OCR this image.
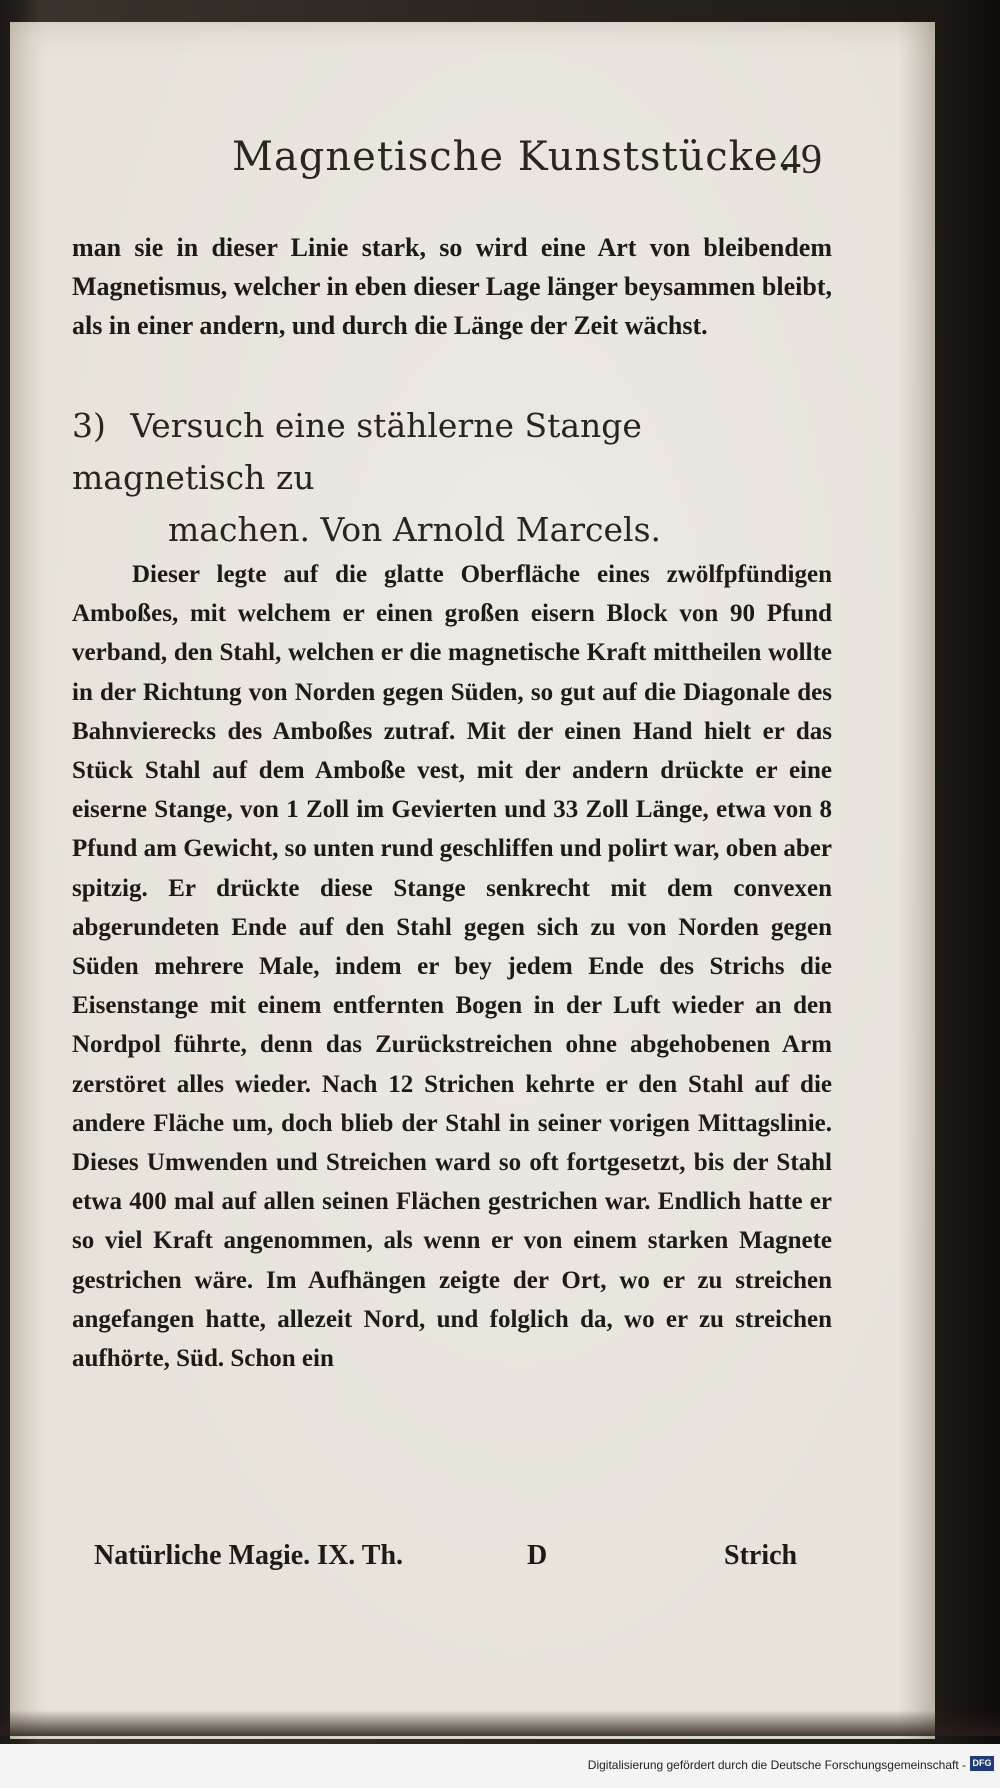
Magnetische Kunststücke.
49

man sie in dieser Linie stark, so wird eine Art von bleibendem Magnetismus, welcher in eben dieser Lage länger beysammen bleibt, als in einer andern, und durch die Länge der Zeit wächst.

3) Versuch eine stählerne Stange magnetisch zu
machen. Von Arnold Marcels.

Dieser legte auf die glatte Oberfläche eines zwölfpfündigen Amboßes, mit welchem er einen großen eisern Block von 90 Pfund verband, den Stahl, welchen er die magnetische Kraft mittheilen wollte in der Richtung von Norden gegen Süden, so gut auf die Diagonale des Bahnvierecks des Amboßes zutraf. Mit der einen Hand hielt er das Stück Stahl auf dem Amboße vest, mit der andern drückte er eine eiserne Stange, von 1 Zoll im Gevierten und 33 Zoll Länge, etwa von 8 Pfund am Gewicht, so unten rund geschliffen und polirt war, oben aber spitzig. Er drückte diese Stange senkrecht mit dem convexen abgerundeten Ende auf den Stahl gegen sich zu von Norden gegen Süden mehrere Male, indem er bey jedem Ende des Strichs die Eisenstange mit einem entfernten Bogen in der Luft wieder an den Nordpol führte, denn das Zurückstreichen ohne abgehobenen Arm zerstöret alles wieder. Nach 12 Strichen kehrte er den Stahl auf die andere Fläche um, doch blieb der Stahl in seiner vorigen Mittagslinie. Dieses Umwenden und Streichen ward so oft fortgesetzt, bis der Stahl etwa 400 mal auf allen seinen Flächen gestrichen war. Endlich hatte er so viel Kraft angenommen, als wenn er von einem starken Magnete gestrichen wäre. Im Aufhängen zeigte der Ort, wo er zu streichen angefangen hatte, allezeit Nord, und folglich da, wo er zu streichen aufhörte, Süd. Schon ein

Natürliche Magie. IX. Th.	D	Strich
Digitalisierung gefördert durch die Deutsche Forschungsgemeinschaft - DFG
